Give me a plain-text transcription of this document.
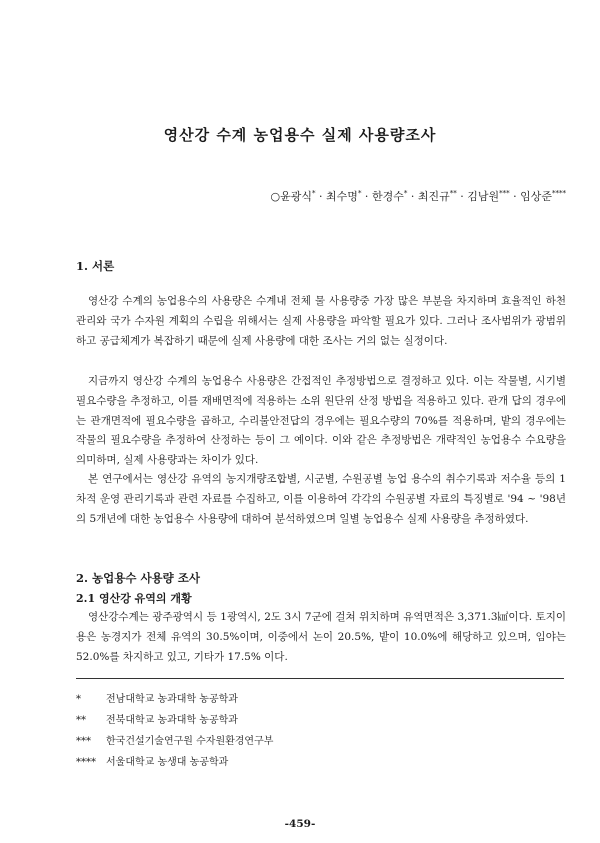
영산강 수계 농업용수 실제 사용량조사
○윤광식* · 최수명* · 한경수* · 최진규** · 김남원*** · 임상준****
1. 서론

영산강 수계의 농업용수의 사용량은 수계내 전체 물 사용량중 가장 많은 부분을 차지하며 효율적인 하천관리와 국가 수자원 계획의 수립을 위해서는 실제 사용량을 파악할 필요가 있다. 그러나 조사범위가 광범위하고 공급체계가 복잡하기 때문에 실제 사용량에 대한 조사는 거의 없는 실정이다.

지금까지 영산강 수계의 농업용수 사용량은 간접적인 추정방법으로 결정하고 있다. 이는 작물별, 시기별 필요수량을 추정하고, 이를 재배면적에 적용하는 소위 원단위 산정 방법을 적용하고 있다. 관개 답의 경우에는 관개면적에 필요수량을 곱하고, 수리불안전답의 경우에는 필요수량의 70%를 적용하며, 밭의 경우에는 작물의 필요수량을 추정하여 산정하는 등이 그 예이다. 이와 같은 추정방법은 개략적인 농업용수 수요량을 의미하며, 실제 사용량과는 차이가 있다.

본 연구에서는 영산강 유역의 농지개량조합별, 시군별, 수원공별 농업 용수의 취수기록과 저수율 등의 1차적 운영 관리기록과 관련 자료를 수집하고, 이를 이용하여 각각의 수원공별 자료의 특징별로 '94 ~ '98년의 5개년에 대한 농업용수 사용량에 대하여 분석하였으며 일별 농업용수 실제 사용량을 추정하였다.

2. 농업용수 사용량 조사
2.1 영산강 유역의 개황

영산강수계는 광주광역시 등 1광역시, 2도 3시 7군에 걸쳐 위치하며 유역면적은 3,371.3㎢이다. 토지이용은 농경지가 전체 유역의 30.5%이며, 이중에서 논이 20.5%, 밭이 10.0%에 해당하고 있으며, 임야는 52.0%를 차지하고 있고, 기타가 17.5% 이다.

*	전남대학교 농과대학 농공학과
** 전북대학교 농과대학 농공학과
*** 한국건설기술연구원 수자원환경연구부
**** 서울대학교 농생대 농공학과
-459-
